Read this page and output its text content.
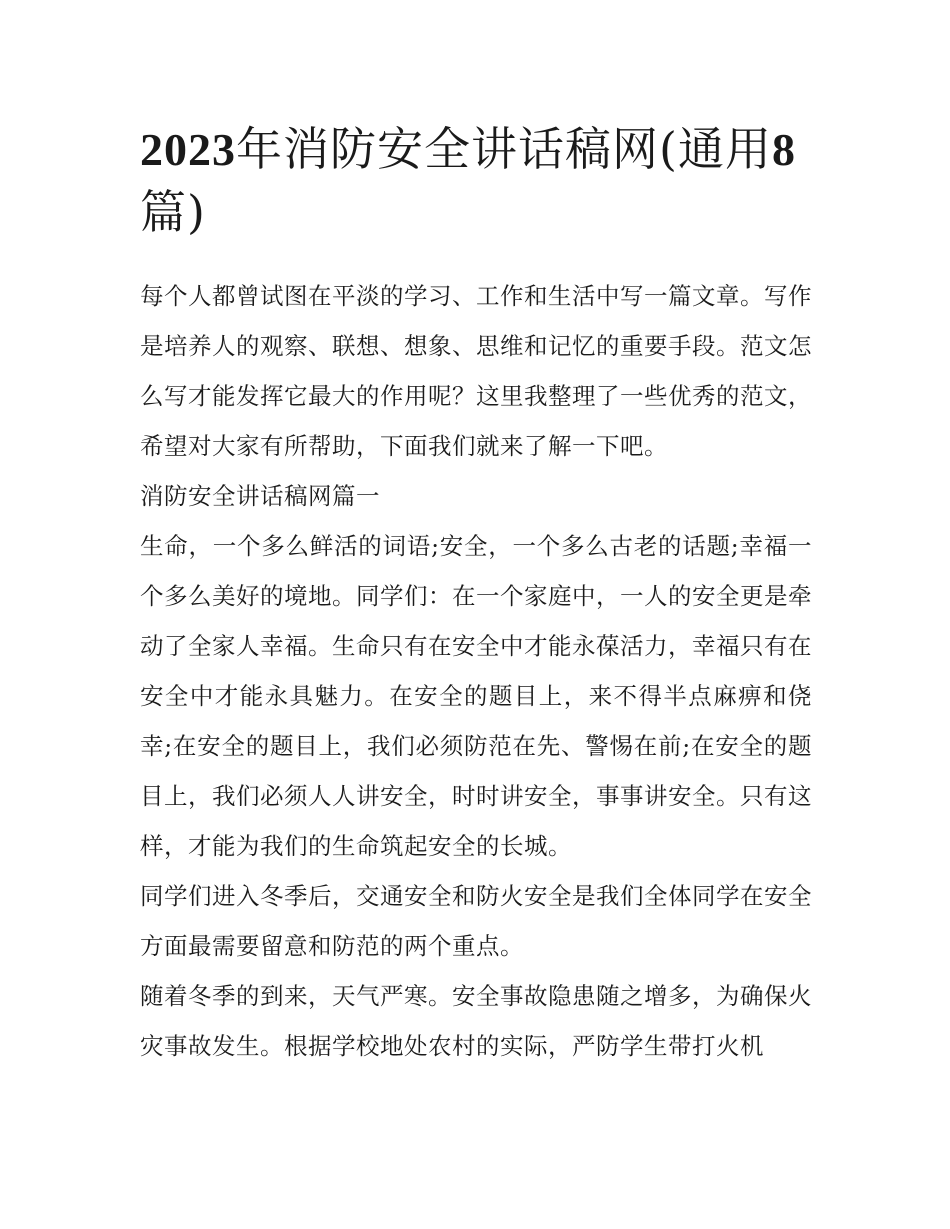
2023年消防安全讲话稿网(通用8篇)

每个人都曾试图在平淡的学习、工作和生活中写一篇文章。写作是培养人的观察、联想、想象、思维和记忆的重要手段。范文怎么写才能发挥它最大的作用呢？这里我整理了一些优秀的范文，希望对大家有所帮助，下面我们就来了解一下吧。

消防安全讲话稿网篇一

生命，一个多么鲜活的词语;安全，一个多么古老的话题;幸福一个多么美好的境地。同学们：在一个家庭中，一人的安全更是牵动了全家人幸福。生命只有在安全中才能永葆活力，幸福只有在安全中才能永具魅力。在安全的题目上，来不得半点麻痹和侥幸;在安全的题目上，我们必须防范在先、警惕在前;在安全的题目上，我们必须人人讲安全，时时讲安全，事事讲安全。只有这样，才能为我们的生命筑起安全的长城。

同学们进入冬季后，交通安全和防火安全是我们全体同学在安全方面最需要留意和防范的两个重点。

随着冬季的到来，天气严寒。安全事故隐患随之增多，为确保火灾事故发生。根据学校地处农村的实际，严防学生带打火机
